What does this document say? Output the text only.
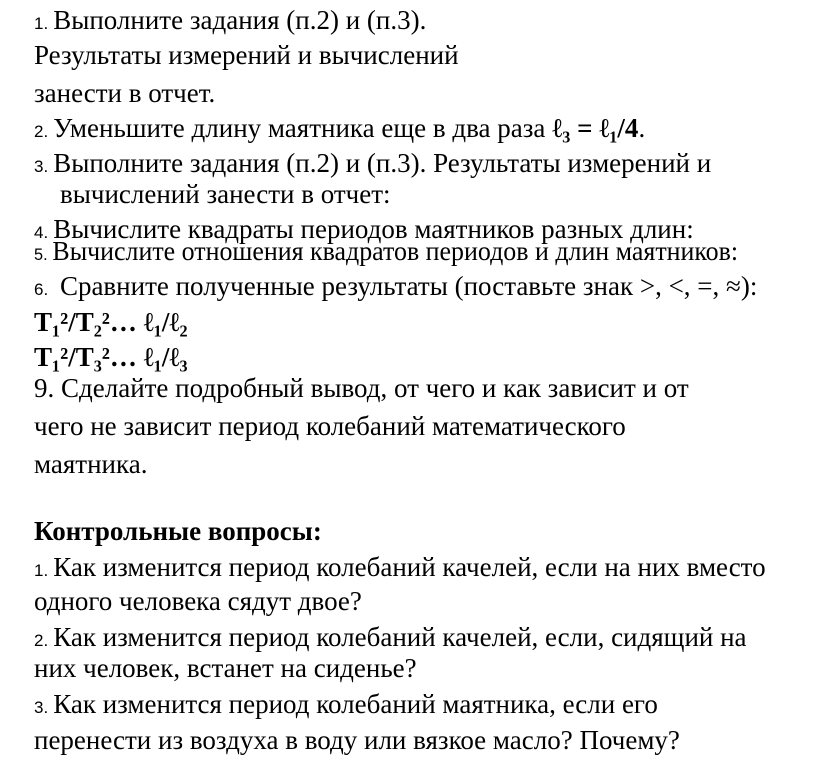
1. Выполните задания (п.2) и (п.3).
Результаты измерений и вычислений
занести в отчет.
2. Уменьшите длину маятника еще в два раза ℓ₃ = ℓ₁/4.
3. Выполните задания (п.2) и (п.3). Результаты измерений и
вычислений занести в отчет:
4. Вычислите квадраты периодов маятников разных длин:
5. Вычислите отношения квадратов периодов и длин маятников:
6. Сравните полученные результаты (поставьте знак >, <, =, ≈):
T₁²/T₂²… ℓ₁/ℓ₂
T₁²/T₃²… ℓ₁/ℓ₃
9. Сделайте подробный вывод, от чего и как зависит и от
чего не зависит период колебаний математического
маятника.
Контрольные вопросы:
1. Как изменится период колебаний качелей, если на них вместо
одного человека сядут двое?
2. Как изменится период колебаний качелей, если, сидящий на
них человек, встанет на сиденье?
3. Как изменится период колебаний маятника, если его
перенести из воздуха в воду или вязкое масло? Почему?
